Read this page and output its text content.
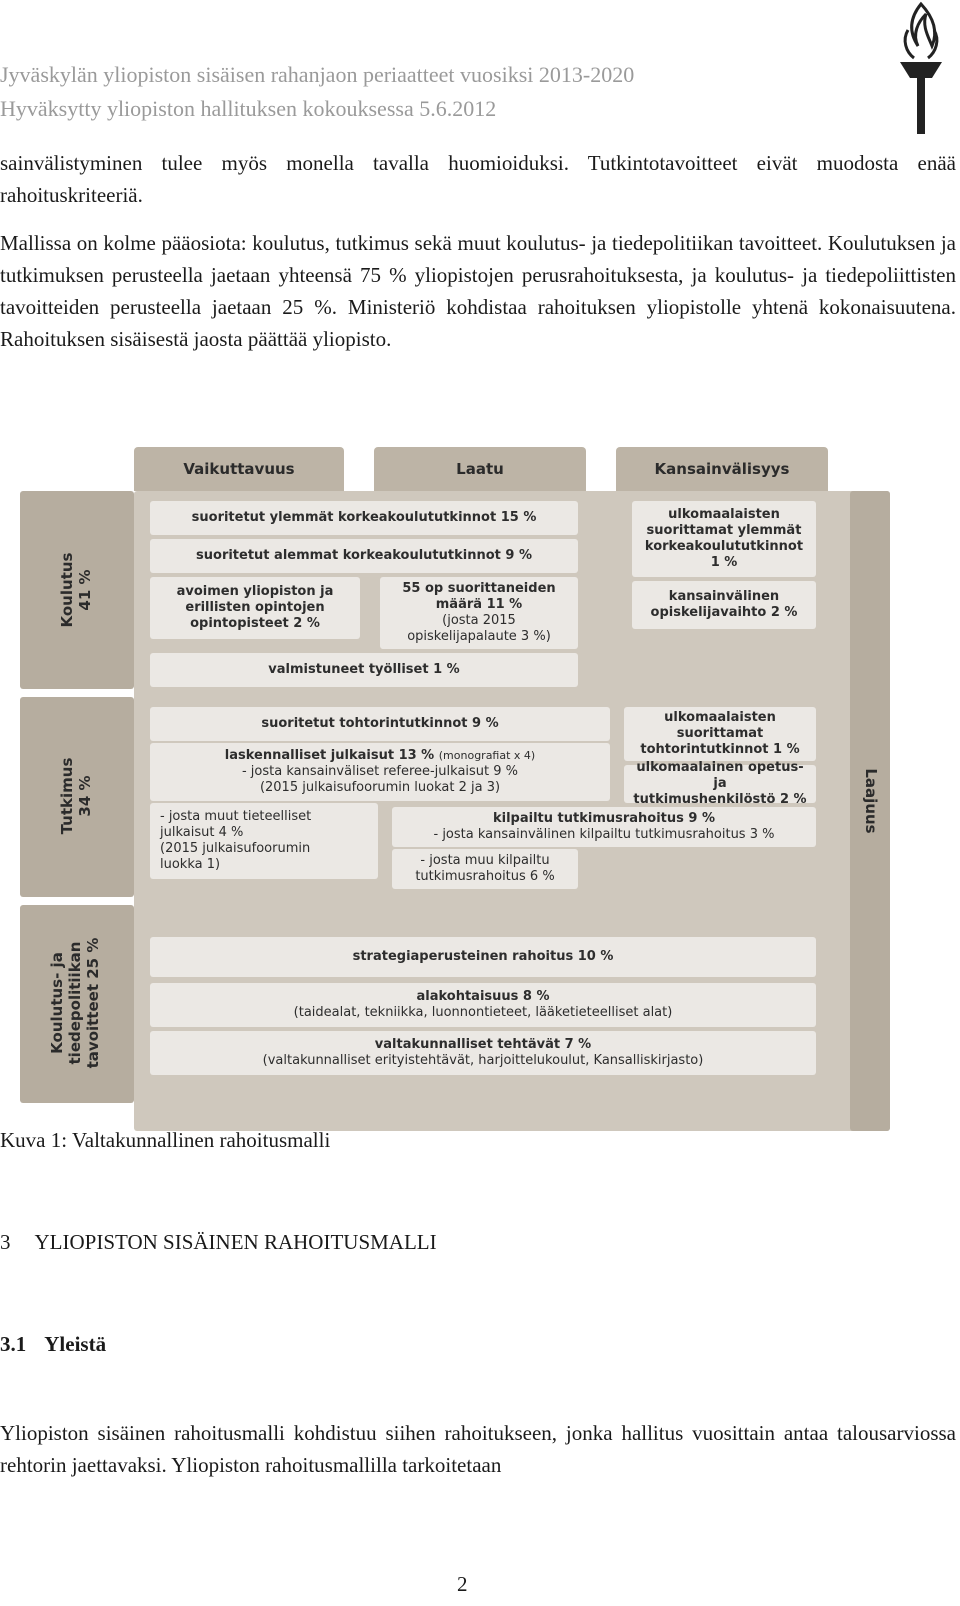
Jyväskylän yliopiston sisäisen rahanjaon periaatteet vuosiksi 2013-2020
Hyväksytty yliopiston hallituksen kokouksessa 5.6.2012

sainvälistyminen tulee myös monella tavalla huomioiduksi. Tutkintotavoitteet eivät muodosta enää rahoituskriteeriä.

Mallissa on kolme pääosiota: koulutus, tutkimus sekä muut koulutus- ja tiedepolitiikan tavoitteet. Koulutuksen ja tutkimuksen perusteella jaetaan yhteensä 75 % yliopistojen perusrahoituksesta, ja koulutus- ja tiedepoliittisten tavoitteiden perusteella jaetaan 25 %. Ministeriö kohdistaa rahoituksen yliopistolle yhtenä kokonaisuutena. Rahoituksen sisäisestä jaosta päättää yliopisto.

Vaikuttavuus	Laatu	Kansainvälisyys
Koulutus 41 %
Tutkimus 34 %
Koulutus- ja tiedepolitiikan tavoitteet 25 %
Laajuus
suoritetut ylemmät korkeakoulututkinnot 15 %
suoritetut alemmat korkeakoulututkinnot 9 %
avoimen yliopiston ja
erillisten opintojen
opintopisteet 2 %
55 op suorittaneiden
määrä 11 %
(josta 2015
opiskelijapalaute 3 %)
valmistuneet työlliset 1 %
ulkomaalaisten
suorittamat ylemmät
korkeakoulututkinnot
1 %
kansainvälinen
opiskelijavaihto 2 %
suoritetut tohtorintutkinnot 9 %
laskennalliset julkaisut 13 % (monografiat x 4)
- josta kansainväliset referee-julkaisut 9 %
(2015 julkaisufoorumin luokat 2 ja 3)
- josta muut tieteelliset
julkaisut 4 %
(2015 julkaisufoorumin
luokka 1)
ulkomaalaisten
suorittamat
tohtorintutkinnot 1 %
ulkomaalainen opetus- ja
tutkimushenkilöstö 2 %
kilpailtu tutkimusrahoitus 9 %
- josta kansainvälinen kilpailtu tutkimusrahoitus 3 %
- josta muu kilpailtu
tutkimusrahoitus 6 %
strategiaperusteinen rahoitus 10 %
alakohtaisuus 8 %
(taidealat, tekniikka, luonnontieteet, lääketieteelliset alat)
valtakunnalliset tehtävät 7 %
(valtakunnalliset erityistehtävät, harjoittelukoulut, Kansalliskirjasto)
Kuva 1: Valtakunnallinen rahoitusmalli
3 YLIOPISTON SISÄINEN RAHOITUSMALLI
3.1 Yleistä

Yliopiston sisäinen rahoitusmalli kohdistuu siihen rahoitukseen, jonka hallitus vuosittain antaa talousarviossa rehtorin jaettavaksi. Yliopiston rahoitusmallilla tarkoitetaan

2
